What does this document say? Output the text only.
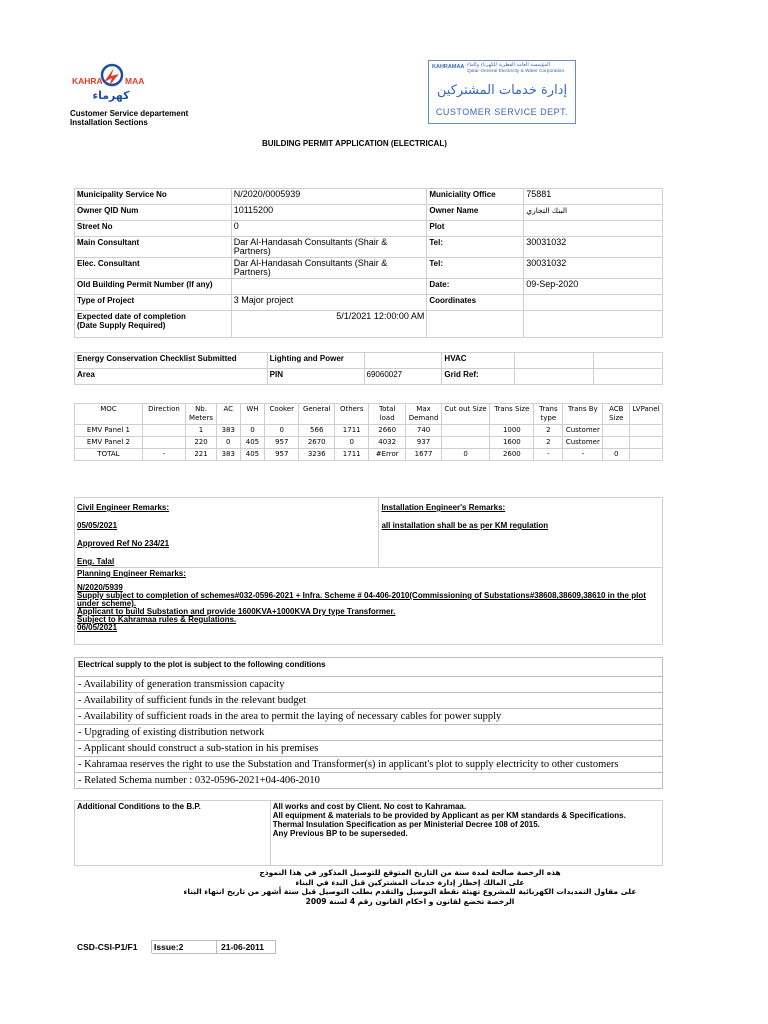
KAHRA	MAA
كهرماء
Customer Service departement
Installation Sections
KAHRAMAA المؤسسة العامة القطرية للكهرباء والماء
Qatar General Electricity & Water Corporation
إدارة خدمات المشتركين
CUSTOMER SERVICE DEPT.
BUILDING PERMIT APPLICATION (ELECTRICAL)
Municipality Service No	N/2020/0005939	Municiality Office	75881
Owner QID Num	10115200	Owner Name	البنك التجاري
Street No	0	Plot	
Main Consultant	Dar Al-Handasah Consultants (Shair & Partners)	Tel:	30031032
Elec. Consultant	Dar Al-Handasah Consultants (Shair & Partners)	Tel:	30031032
Old Building Permit Number (If any)		Date:	09-Sep-2020
Type of Project	3 Major project	Coordinates	

Expected date of completion
(Date Supply Required)	5/1/2021 12:00:00 AM		
Energy Conservation Checklist Submitted	Lighting and Power		HVAC		
Area	PIN	69060027	Grid Ref:		
MOC	Direction	Nb. Meters	AC	WH	Cooker	General	Others	Total load	Max Demand	Cut out Size	Trans Size	Trans type	Trans By	ACB Size	LVPanel
EMV Panel 1		1	383	0	0	566	1711	2660	740		1000	2	Customer		
EMV Panel 2		220	0	405	957	2670	0	4032	937		1600	2	Customer		
TOTAL	-	221	383	405	957	3236	1711	#Error	1677	0	2600	-	-	0	
Civil Engineer Remarks:
05/05/2021
Approved Ref No 234/21
Eng. Talal

Installation Engineer's Remarks:
all installation shall be as per KM regulation

Planning Engineer Remarks:
N/2020/5939
Supply subject to completion of schemes#032-0596-2021 + Infra. Scheme # 04-406-2010(Commissioning of Substations#38608,38609,38610 in the plot under scheme).
Applicant to build Substation and provide 1600KVA+1000KVA Dry type Transformer.
Subject to Kahramaa rules & Regulations.
06/05/2021
Electrical supply to the plot is subject to the following conditions
- Availability of generation transmission capacity
- Availability of sufficient funds in the relevant budget
- Availability of sufficient roads in the area to permit the laying of necessary cables for power supply
- Upgrading of existing distribution network
- Applicant should construct a sub-station in his premises
- Kahramaa reserves the right to use the Substation and Transformer(s) in applicant's plot to supply electricity to other customers
- Related Schema number : 032-0596-2021+04-406-2010
Additional Conditions to the B.P.	All works and cost by Client. No cost to Kahramaa.
All equipment & materials to be provided by Applicant as per KM standards & Specifications.
Thermal Insulation Specification as per Ministerial Decree 108 of 2015.
Any Previous BP to be superseded.
هذه الرخصة صالحة لمدة سنة من التاريخ المتوقع للتوصيل المذكور في هذا النموذج
على المالك إخطار إدارة خدمات المشتركين قبل البدء في البناء
على مقاول التمديدات الكهربائية للمشروع تهيئة نقطة التوصيل والتقدم بطلب التوصيل قبل ستة أشهر من تاريخ انتهاء البناء
الرخصة تخضع لقانون و احكام القانون رقم 4 لسنة 2009
CSD-CSI-P1/F1	Issue:2	21-06-2011
